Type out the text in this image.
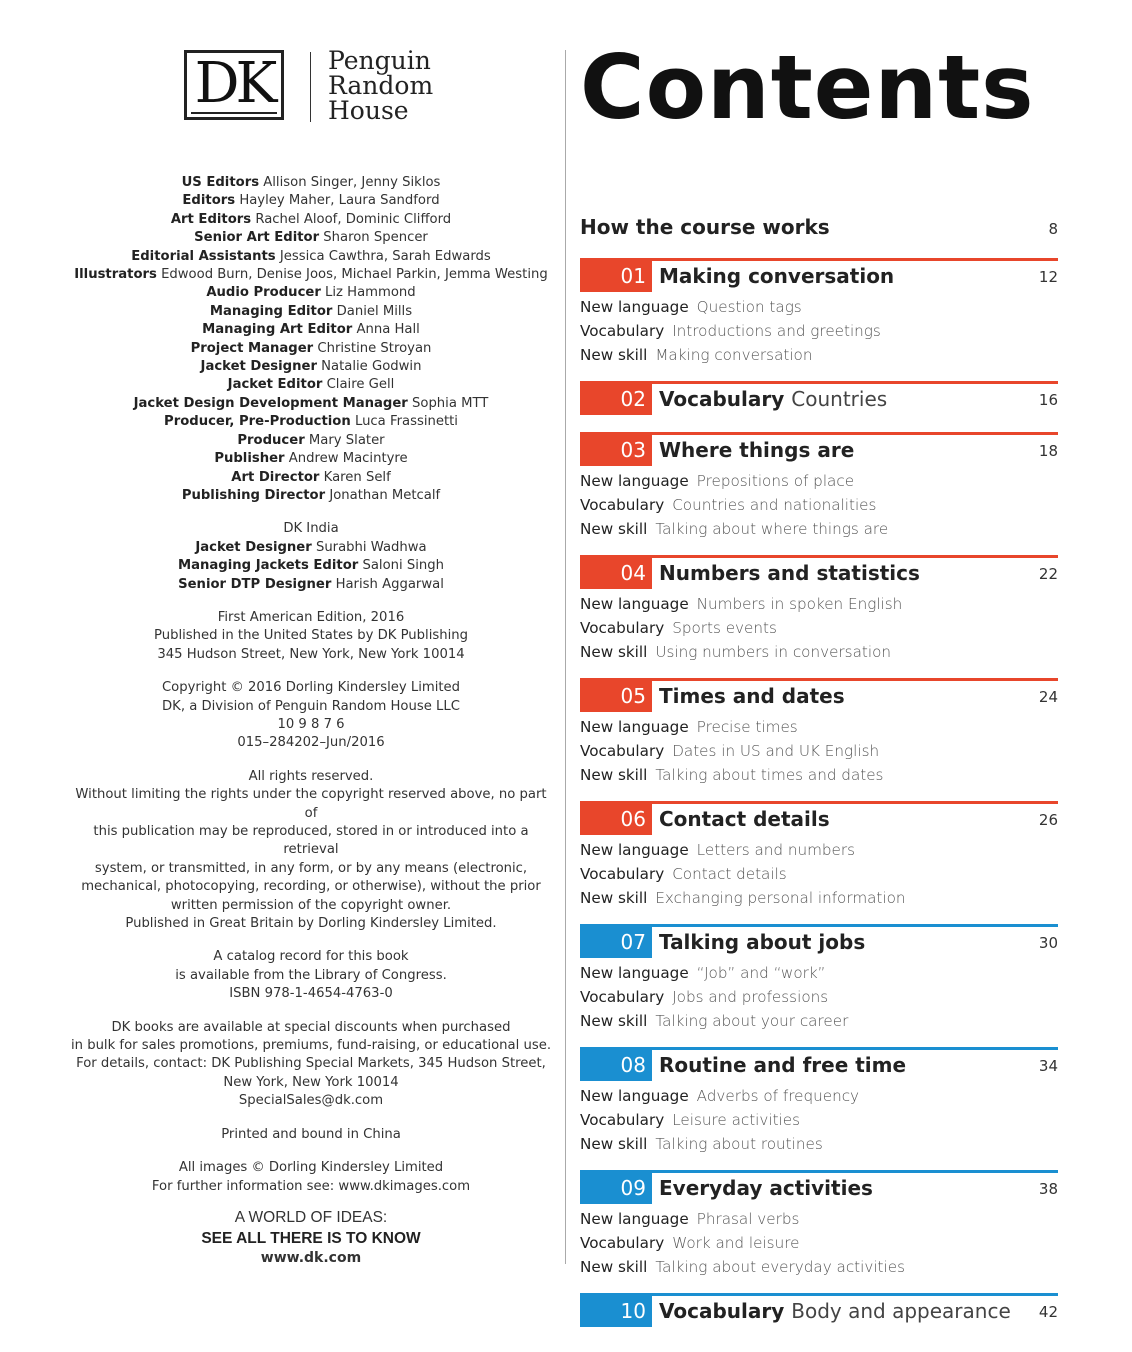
DK	Penguin
Random
House

US Editors Allison Singer, Jenny Siklos

Editors Hayley Maher, Laura Sandford

Art Editors Rachel Aloof, Dominic Clifford

Senior Art Editor Sharon Spencer

Editorial Assistants Jessica Cawthra, Sarah Edwards

Illustrators Edwood Burn, Denise Joos, Michael Parkin, Jemma Westing

Audio Producer Liz Hammond

Managing Editor Daniel Mills

Managing Art Editor Anna Hall

Project Manager Christine Stroyan

Jacket Designer Natalie Godwin

Jacket Editor Claire Gell

Jacket Design Development Manager Sophia MTT

Producer, Pre-Production Luca Frassinetti

Producer Mary Slater

Publisher Andrew Macintyre

Art Director Karen Self

Publishing Director Jonathan Metcalf

DK India

Jacket Designer Surabhi Wadhwa

Managing Jackets Editor Saloni Singh

Senior DTP Designer Harish Aggarwal

First American Edition, 2016

Published in the United States by DK Publishing

345 Hudson Street, New York, New York 10014

Copyright © 2016 Dorling Kindersley Limited

DK, a Division of Penguin Random House LLC

10 9 8 7 6

015–284202–Jun/2016

All rights reserved.

Without limiting the rights under the copyright reserved above, no part of

this publication may be reproduced, stored in or introduced into a retrieval

system, or transmitted, in any form, or by any means (electronic,

mechanical, photocopying, recording, or otherwise), without the prior

written permission of the copyright owner.

Published in Great Britain by Dorling Kindersley Limited.

A catalog record for this book

is available from the Library of Congress.

ISBN 978-1-4654-4763-0

DK books are available at special discounts when purchased

in bulk for sales promotions, premiums, fund-raising, or educational use.

For details, contact: DK Publishing Special Markets, 345 Hudson Street,

New York, New York 10014

SpecialSales@dk.com

Printed and bound in China

All images © Dorling Kindersley Limited

For further information see: www.dkimages.com

A WORLD OF IDEAS:

SEE ALL THERE IS TO KNOW

www.dk.com

Contents
How the course works	8
01 Making conversation	12
New language Question tags
Vocabulary Introductions and greetings
New skill Making conversation
02 Vocabulary Countries	16
03 Where things are	18
New language Prepositions of place
Vocabulary Countries and nationalities
New skill Talking about where things are
04 Numbers and statistics	22
New language Numbers in spoken English
Vocabulary Sports events
New skill Using numbers in conversation
05 Times and dates	24
New language Precise times
Vocabulary Dates in US and UK English
New skill Talking about times and dates
06 Contact details	26
New language Letters and numbers
Vocabulary Contact details
New skill Exchanging personal information
07 Talking about jobs	30
New language “Job” and “work”
Vocabulary Jobs and professions
New skill Talking about your career
08 Routine and free time	34
New language Adverbs of frequency
Vocabulary Leisure activities
New skill Talking about routines
09 Everyday activities	38
New language Phrasal verbs
Vocabulary Work and leisure
New skill Talking about everyday activities
10 Vocabulary Body and appearance 42
